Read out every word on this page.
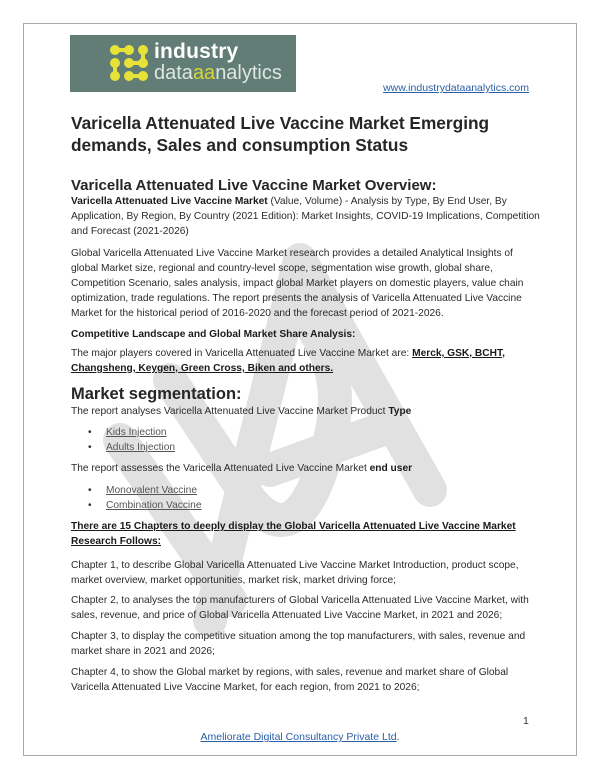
industry
dataaanalytics
www.industrydataanalytics.com
Varicella Attenuated Live Vaccine Market Emerging demands, Sales and consumption Status
Varicella Attenuated Live Vaccine Market Overview:
Varicella Attenuated Live Vaccine Market (Value, Volume) - Analysis by Type, By End User, By Application, By Region, By Country (2021 Edition): Market Insights, COVID-19 Implications, Competition and Forecast (2021-2026)
Global Varicella Attenuated Live Vaccine Market research provides a detailed Analytical Insights of global Market size, regional and country-level scope, segmentation wise growth, global share, Competition Scenario, sales analysis, impact global Market players on domestic players, value chain optimization, trade regulations. The report presents the analysis of Varicella Attenuated Live Vaccine Market for the historical period of 2016-2020 and the forecast period of 2021-2026.
Competitive Landscape and Global Market Share Analysis:
The major players covered in Varicella Attenuated Live Vaccine Market are: Merck, GSK, BCHT, Changsheng, Keygen, Green Cross, Biken and others.
Market segmentation:
The report analyses Varicella Attenuated Live Vaccine Market Product Type
• Kids Injection
• Adults Injection
The report assesses the Varicella Attenuated Live Vaccine Market end user
• Monovalent Vaccine
• Combination Vaccine
There are 15 Chapters to deeply display the Global Varicella Attenuated Live Vaccine Market Research Follows:
Chapter 1, to describe Global Varicella Attenuated Live Vaccine Market Introduction, product scope, market overview, market opportunities, market risk, market driving force;
Chapter 2, to analyses the top manufacturers of Global Varicella Attenuated Live Vaccine Market, with sales, revenue, and price of Global Varicella Attenuated Live Vaccine Market, in 2021 and 2026;
Chapter 3, to display the competitive situation among the top manufacturers, with sales, revenue and market share in 2021 and 2026;
Chapter 4, to show the Global market by regions, with sales, revenue and market share of Global Varicella Attenuated Live Vaccine Market, for each region, from 2021 to 2026;
1
Ameliorate Digital Consultancy Private Ltd.
